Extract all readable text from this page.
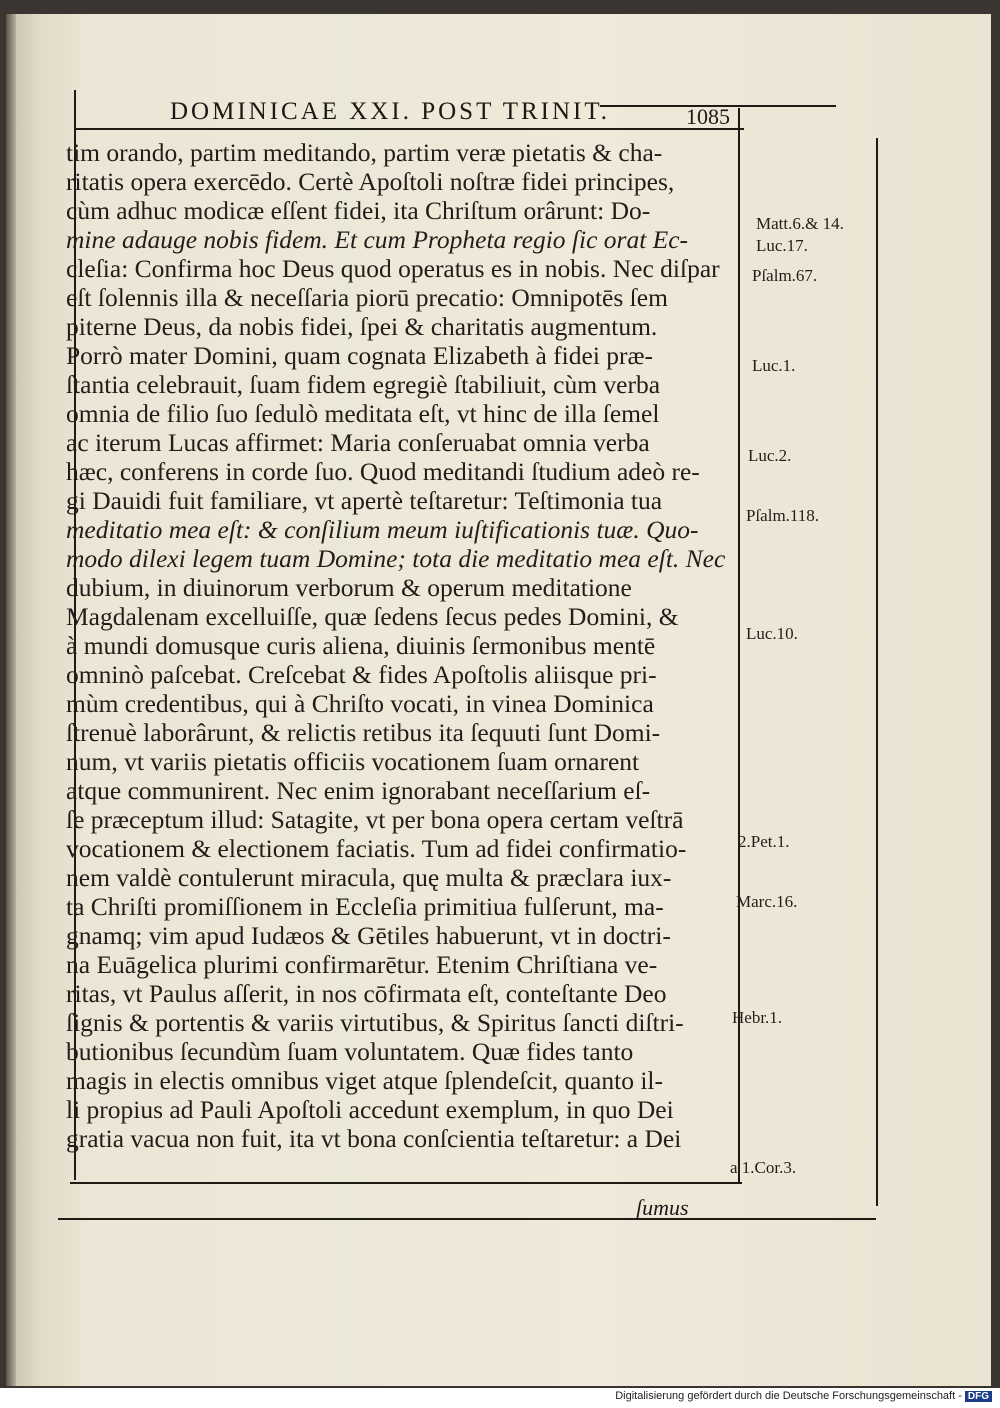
DOMINICAE XXI. POST TRINIT.	1085
tim orando, partim meditando, partim veræ pietatis & cha-
ritatis opera exercēdo. Certè Apoſtoli noſtræ fidei principes,
cùm adhuc modicæ eſſent fidei, ita Chriſtum orârunt: Do-
mine adauge nobis fidem. Et cum Propheta regio ſic orat Ec-
cleſia: Confirma hoc Deus quod operatus es in nobis. Nec diſpar
eſt ſolennis illa & neceſſaria piorū precatio: Omnipotēs ſem
piterne Deus, da nobis fidei, ſpei & charitatis augmentum.
Porrò mater Domini, quam cognata Elizabeth à fidei præ-
ſtantia celebrauit, ſuam fidem egregiè ſtabiliuit, cùm verba
omnia de filio ſuo ſedulò meditata eſt, vt hinc de illa ſemel
ac iterum Lucas affirmet: Maria conſeruabat omnia verba
hæc, conferens in corde ſuo. Quod meditandi ſtudium adeò re-
gi Dauidi fuit familiare, vt apertè teſtaretur: Teſtimonia tua
meditatio mea eſt: & conſilium meum iuſtificationis tuæ. Quo-
modo dilexi legem tuam Domine; tota die meditatio mea eſt. Nec
dubium, in diuinorum verborum & operum meditatione
Magdalenam excelluiſſe, quæ ſedens ſecus pedes Domini, &
à mundi domusque curis aliena, diuinis ſermonibus mentē
omninò paſcebat. Creſcebat & fides Apoſtolis aliisque pri-
mùm credentibus, qui à Chriſto vocati, in vinea Dominica
ſtrenuè laborârunt, & relictis retibus ita ſequuti ſunt Domi-
num, vt variis pietatis officiis vocationem ſuam ornarent
atque communirent. Nec enim ignorabant neceſſarium eſ-
ſe præceptum illud: Satagite, vt per bona opera certam veſtrā
vocationem & electionem faciatis. Tum ad fidei confirmatio-
nem valdè contulerunt miracula, quę multa & præclara iux-
ta Chriſti promiſſionem in Eccleſia primitiua fulſerunt, ma-
gnamq; vim apud Iudæos & Gētiles habuerunt, vt in doctri-
na Euāgelica plurimi confirmarētur. Etenim Chriſtiana ve-
ritas, vt Paulus aſſerit, in nos cōfirmata eſt, conteſtante Deo
ſignis & portentis & variis virtutibus, & Spiritus ſancti diſtri-
butionibus ſecundùm ſuam voluntatem. Quæ fides tanto
magis in electis omnibus viget atque ſplendeſcit, quanto il-
li propius ad Pauli Apoſtoli accedunt exemplum, in quo Dei
gratia vacua non fuit, ita vt bona conſcientia teſtaretur: a Dei
Matt.6.& 14.
Luc.17.
Pſalm.67.
Luc.1.
Luc.2.
Pſalm.118.
Luc.10.
2.Pet.1.
Marc.16.
Hebr.1.
a 1.Cor.3.
ſumus
Digitalisierung gefördert durch die Deutsche Forschungsgemeinschaft - DFG
